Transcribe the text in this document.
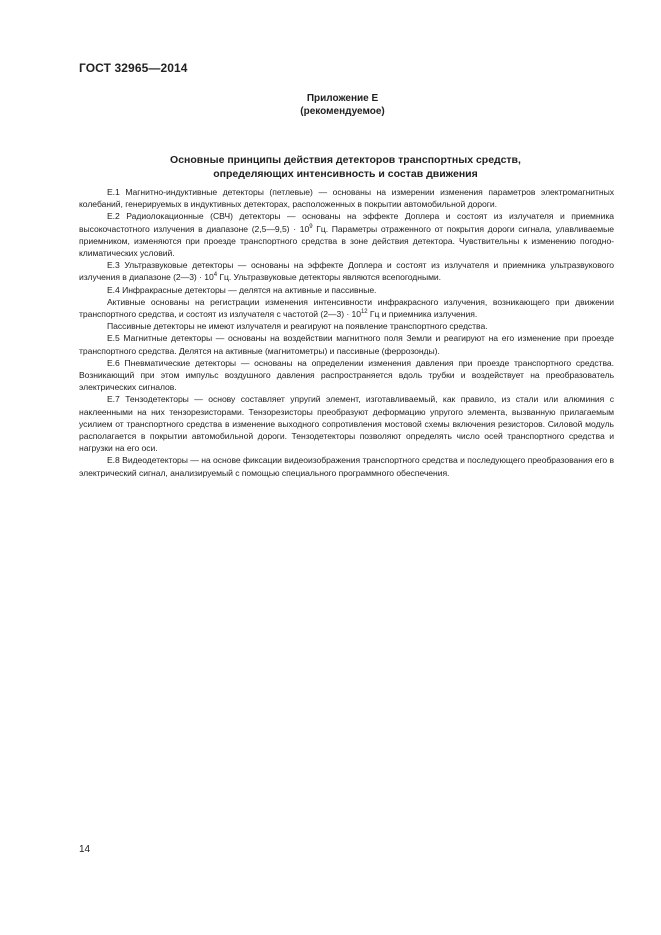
ГОСТ 32965—2014
Приложение Е
(рекомендуемое)
Основные принципы действия детекторов транспортных средств,
определяющих интенсивность и состав движения

Е.1 Магнитно-индуктивные детекторы (петлевые) — основаны на измерении изменения параметров электромагнитных колебаний, генерируемых в индуктивных детекторах, расположенных в покрытии автомобильной дороги.

Е.2 Радиолокационные (СВЧ) детекторы — основаны на эффекте Доплера и состоят из излучателя и приемника высокочастотного излучения в диапазоне (2,5—9,5) · $10^9$ Гц. Параметры отраженного от покрытия дороги сигнала, улавливаемые приемником, изменяются при проезде транспортного средства в зоне действия детектора. Чувствительны к изменению погодно-климатических условий.

Е.3 Ультразвуковые детекторы — основаны на эффекте Доплера и состоят из излучателя и приемника ультразвукового излучения в диапазоне (2—3) · $10^4$ Гц. Ультразвуковые детекторы являются всепогодными.

Е.4 Инфракрасные детекторы — делятся на активные и пассивные.

Активные основаны на регистрации изменения интенсивности инфракрасного излучения, возникающего при движении транспортного средства, и состоят из излучателя с частотой (2—3) · $10^{12}$ Гц и приемника излучения.

Пассивные детекторы не имеют излучателя и реагируют на появление транспортного средства.

Е.5 Магнитные детекторы — основаны на воздействии магнитного поля Земли и реагируют на его изменение при проезде транспортного средства. Делятся на активные (магнитометры) и пассивные (феррозонды).

Е.6 Пневматические детекторы — основаны на определении изменения давления при проезде транспортного средства. Возникающий при этом импульс воздушного давления распространяется вдоль трубки и воздействует на преобразователь электрических сигналов.

Е.7 Тензодетекторы — основу составляет упругий элемент, изготавливаемый, как правило, из стали или алюминия с наклеенными на них тензорезисторами. Тензорезисторы преобразуют деформацию упругого элемента, вызванную прилагаемым усилием от транспортного средства в изменение выходного сопротивления мостовой схемы включения резисторов. Силовой модуль располагается в покрытии автомобильной дороги. Тензодетекторы позволяют определять число осей транспортного средства и нагрузки на его оси.

Е.8 Видеодетекторы — на основе фиксации видеоизображения транспортного средства и последующего преобразования его в электрический сигнал, анализируемый с помощью специального программного обеспечения.

14
